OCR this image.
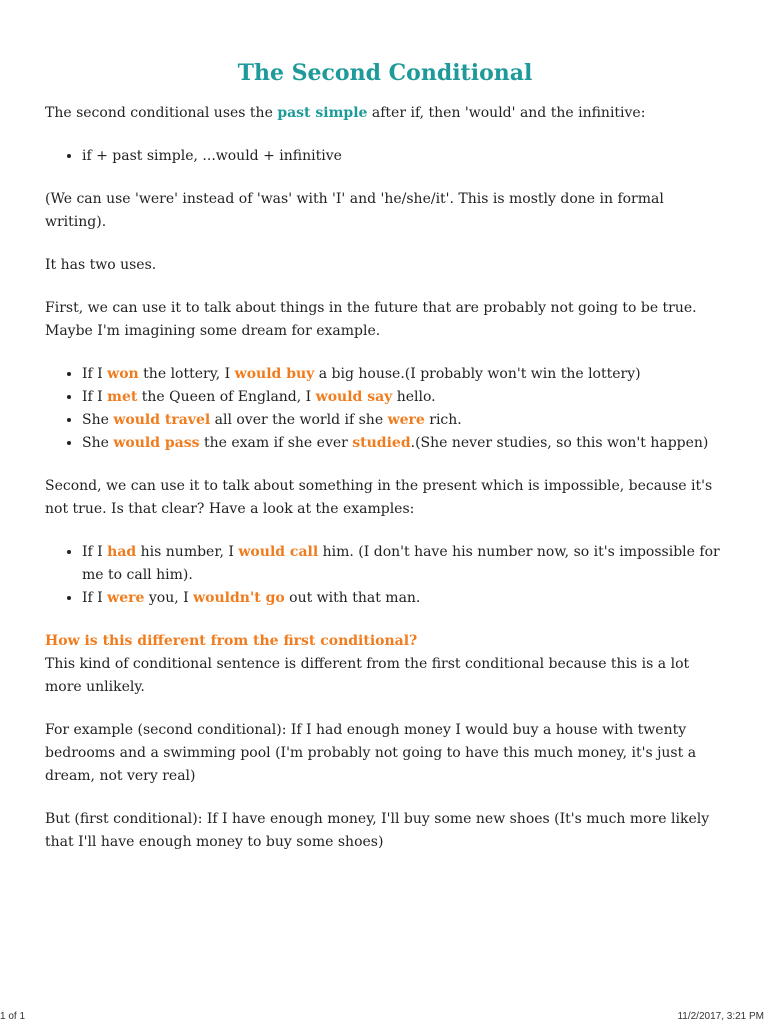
The Second Conditional

The second conditional uses the past simple after if, then 'would' and the infinitive:

• if + past simple, ...would + infinitive

(We can use 'were' instead of 'was' with 'I' and 'he/she/it'. This is mostly done in formal writing).

It has two uses.

First, we can use it to talk about things in the future that are probably not going to be true. Maybe I'm imagining some dream for example.

• If I won the lottery, I would buy a big house.(I probably won't win the lottery)
• If I met the Queen of England, I would say hello.
• She would travel all over the world if she were rich.
• She would pass the exam if she ever studied.(She never studies, so this won't happen)

Second, we can use it to talk about something in the present which is impossible, because it's not true. Is that clear? Have a look at the examples:

• If I had his number, I would call him. (I don't have his number now, so it's impossible for me to call him).
• If I were you, I wouldn't go out with that man.
How is this different from the first conditional?

This kind of conditional sentence is different from the first conditional because this is a lot more unlikely.

For example (second conditional): If I had enough money I would buy a house with twenty bedrooms and a swimming pool (I'm probably not going to have this much money, it's just a dream, not very real)

But (first conditional): If I have enough money, I'll buy some new shoes (It's much more likely that I'll have enough money to buy some shoes)

1 of 1	11/2/2017, 3:21 PM
